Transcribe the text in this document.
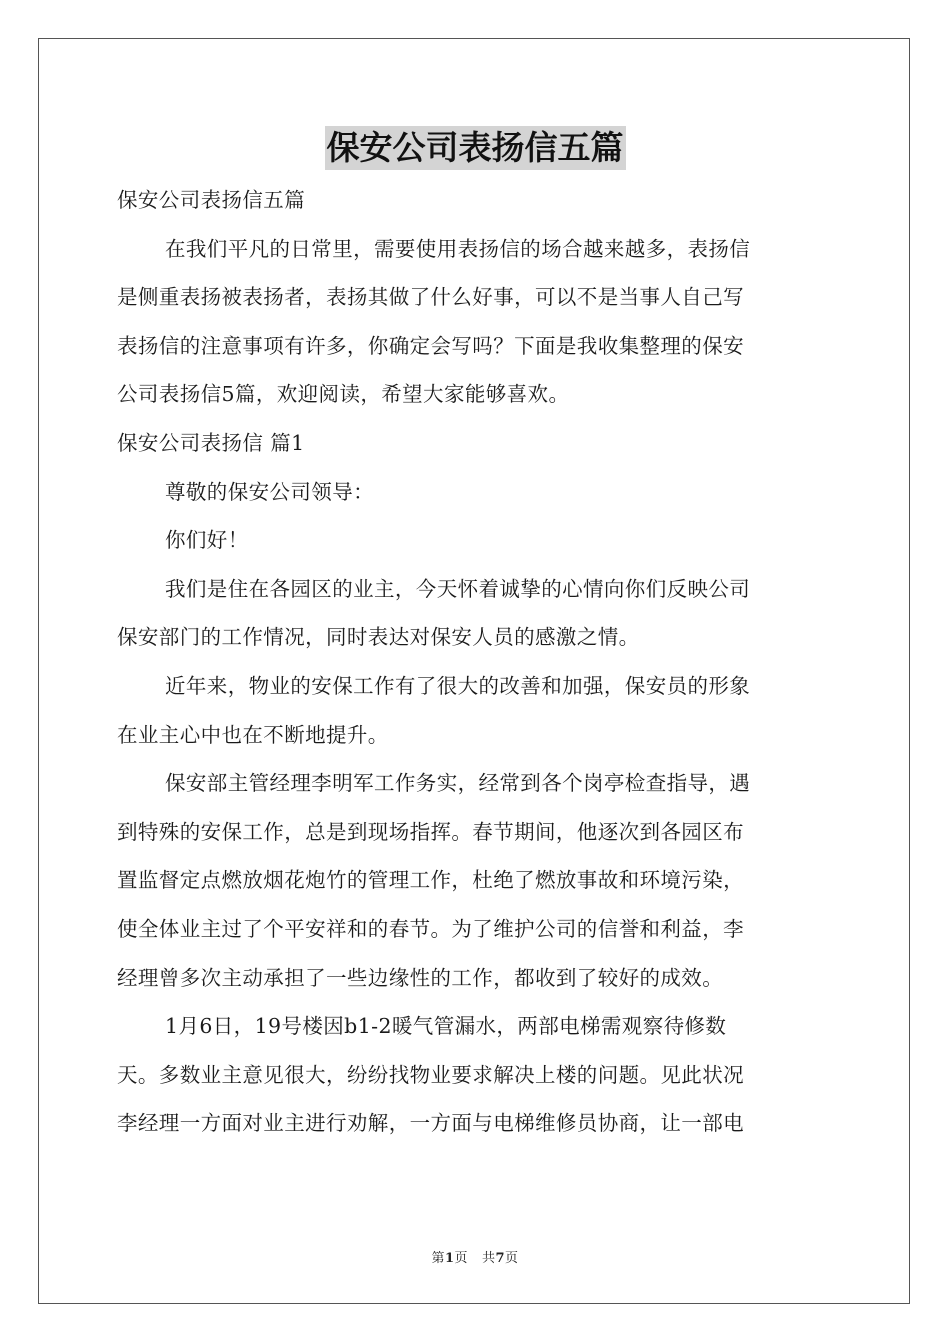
保安公司表扬信五篇
保安公司表扬信五篇
在我们平凡的日常里，需要使用表扬信的场合越来越多，表扬信
是侧重表扬被表扬者，表扬其做了什么好事，可以不是当事人自己写
表扬信的注意事项有许多，你确定会写吗？下面是我收集整理的保安
公司表扬信5篇，欢迎阅读，希望大家能够喜欢。
保安公司表扬信 篇1
尊敬的保安公司领导：
你们好！
我们是住在各园区的业主，今天怀着诚挚的心情向你们反映公司
保安部门的工作情况，同时表达对保安人员的感激之情。
近年来，物业的安保工作有了很大的改善和加强，保安员的形象
在业主心中也在不断地提升。
保安部主管经理李明军工作务实，经常到各个岗亭检查指导，遇
到特殊的安保工作，总是到现场指挥。春节期间，他逐次到各园区布
置监督定点燃放烟花炮竹的管理工作，杜绝了燃放事故和环境污染，
使全体业主过了个平安祥和的春节。为了维护公司的信誉和利益，李
经理曾多次主动承担了一些边缘性的工作，都收到了较好的成效。
1月6日，19号楼因b1-2暖气管漏水，两部电梯需观察待修数
天。多数业主意见很大，纷纷找物业要求解决上楼的问题。见此状况
李经理一方面对业主进行劝解，一方面与电梯维修员协商，让一部电
第1页 共7页
